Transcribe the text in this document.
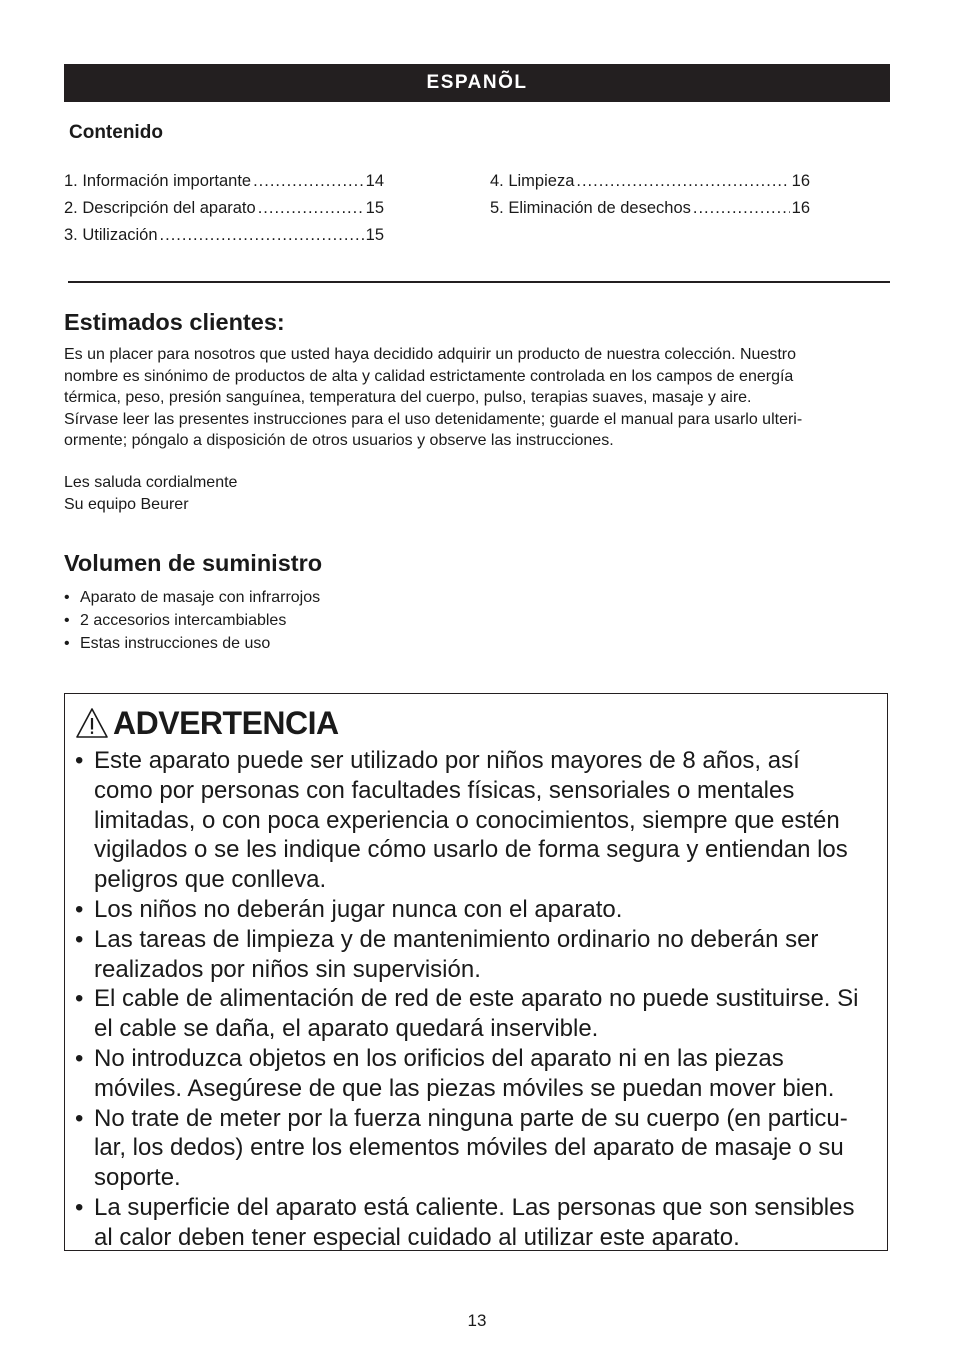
ESPANÕL
Contenido
1. Información importante .....	14
2. Descripción del aparato .....	15
3. Utilización .....	15
4. Limpieza .....	16
5. Eliminación de desechos .....	16
Estimados clientes:
Es un placer para nosotros que usted haya decidido adquirir un producto de nuestra colección. Nuestro
nombre es sinónimo de productos de alta y calidad estrictamente controlada en los campos de energía
térmica, peso, presión sanguínea, temperatura del cuerpo, pulso, terapias suaves, masaje y aire.
Sírvase leer las presentes instrucciones para el uso detenidamente; guarde el manual para usarlo ulteri-
ormente; póngalo a disposición de otros usuarios y observe las instrucciones.
Les saluda cordialmente
Su equipo Beurer
Volumen de suministro
• Aparato de masaje con infrarrojos
• 2 accesorios intercambiables
• Estas instrucciones de uso
ADVERTENCIA
• Este aparato puede ser utilizado por niños mayores de 8 años, así
como por personas con facultades físicas, sensoriales o mentales
limitadas, o con poca experiencia o conocimientos, siempre que estén
vigilados o se les indique cómo usarlo de forma segura y entiendan los
peligros que conlleva.
• Los niños no deberán jugar nunca con el aparato.
• Las tareas de limpieza y de mantenimiento ordinario no deberán ser
realizados por niños sin supervisión.
• El cable de alimentación de red de este aparato no puede sustituirse. Si
el cable se daña, el aparato quedará inservible.
• No introduzca objetos en los orificios del aparato ni en las piezas
móviles. Asegúrese de que las piezas móviles se puedan mover bien.
• No trate de meter por la fuerza ninguna parte de su cuerpo (en particu-
lar, los dedos) entre los elementos móviles del aparato de masaje o su
soporte.
• La superficie del aparato está caliente. Las personas que son sensibles
al calor deben tener especial cuidado al utilizar este aparato.
13
